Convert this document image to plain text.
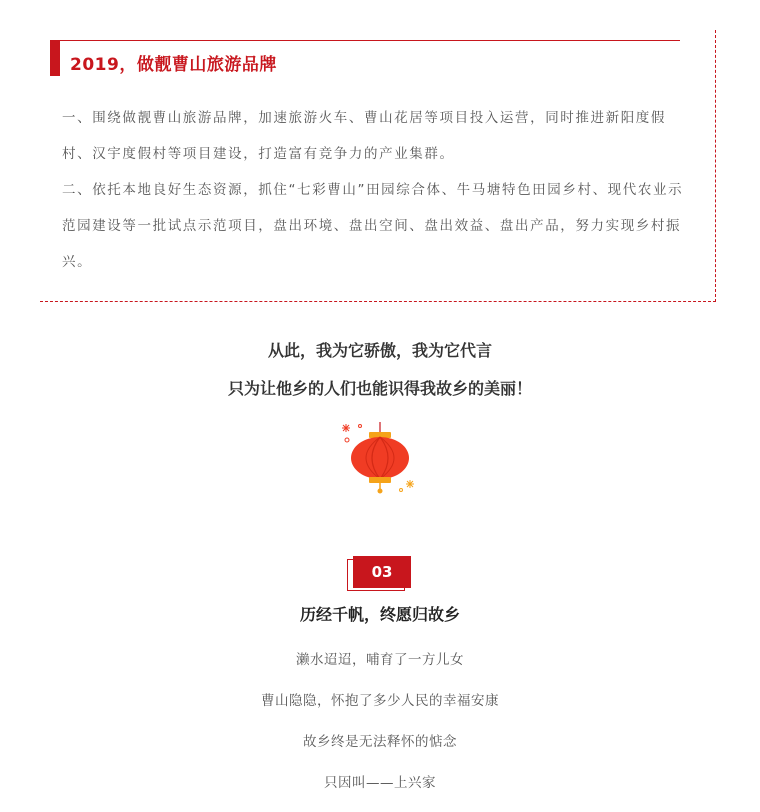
2019，做靓曹山旅游品牌

一、围绕做靓曹山旅游品牌，加速旅游火车、曹山花居等项目投入运营，同时推进新阳度假村、汉宇度假村等项目建设，打造富有竞争力的产业集群。

二、依托本地良好生态资源，抓住“七彩曹山”田园综合体、牛马塘特色田园乡村、现代农业示范园建设等一批试点示范项目，盘出环境、盘出空间、盘出效益、盘出产品，努力实现乡村振兴。

从此，我为它骄傲，我为它代言
只为让他乡的人们也能识得我故乡的美丽！
03
历经千帆，终愿归故乡
濑水迢迢，哺育了一方儿女
曹山隐隐，怀抱了多少人民的幸福安康
故乡终是无法释怀的惦念
只因叫——上兴家
